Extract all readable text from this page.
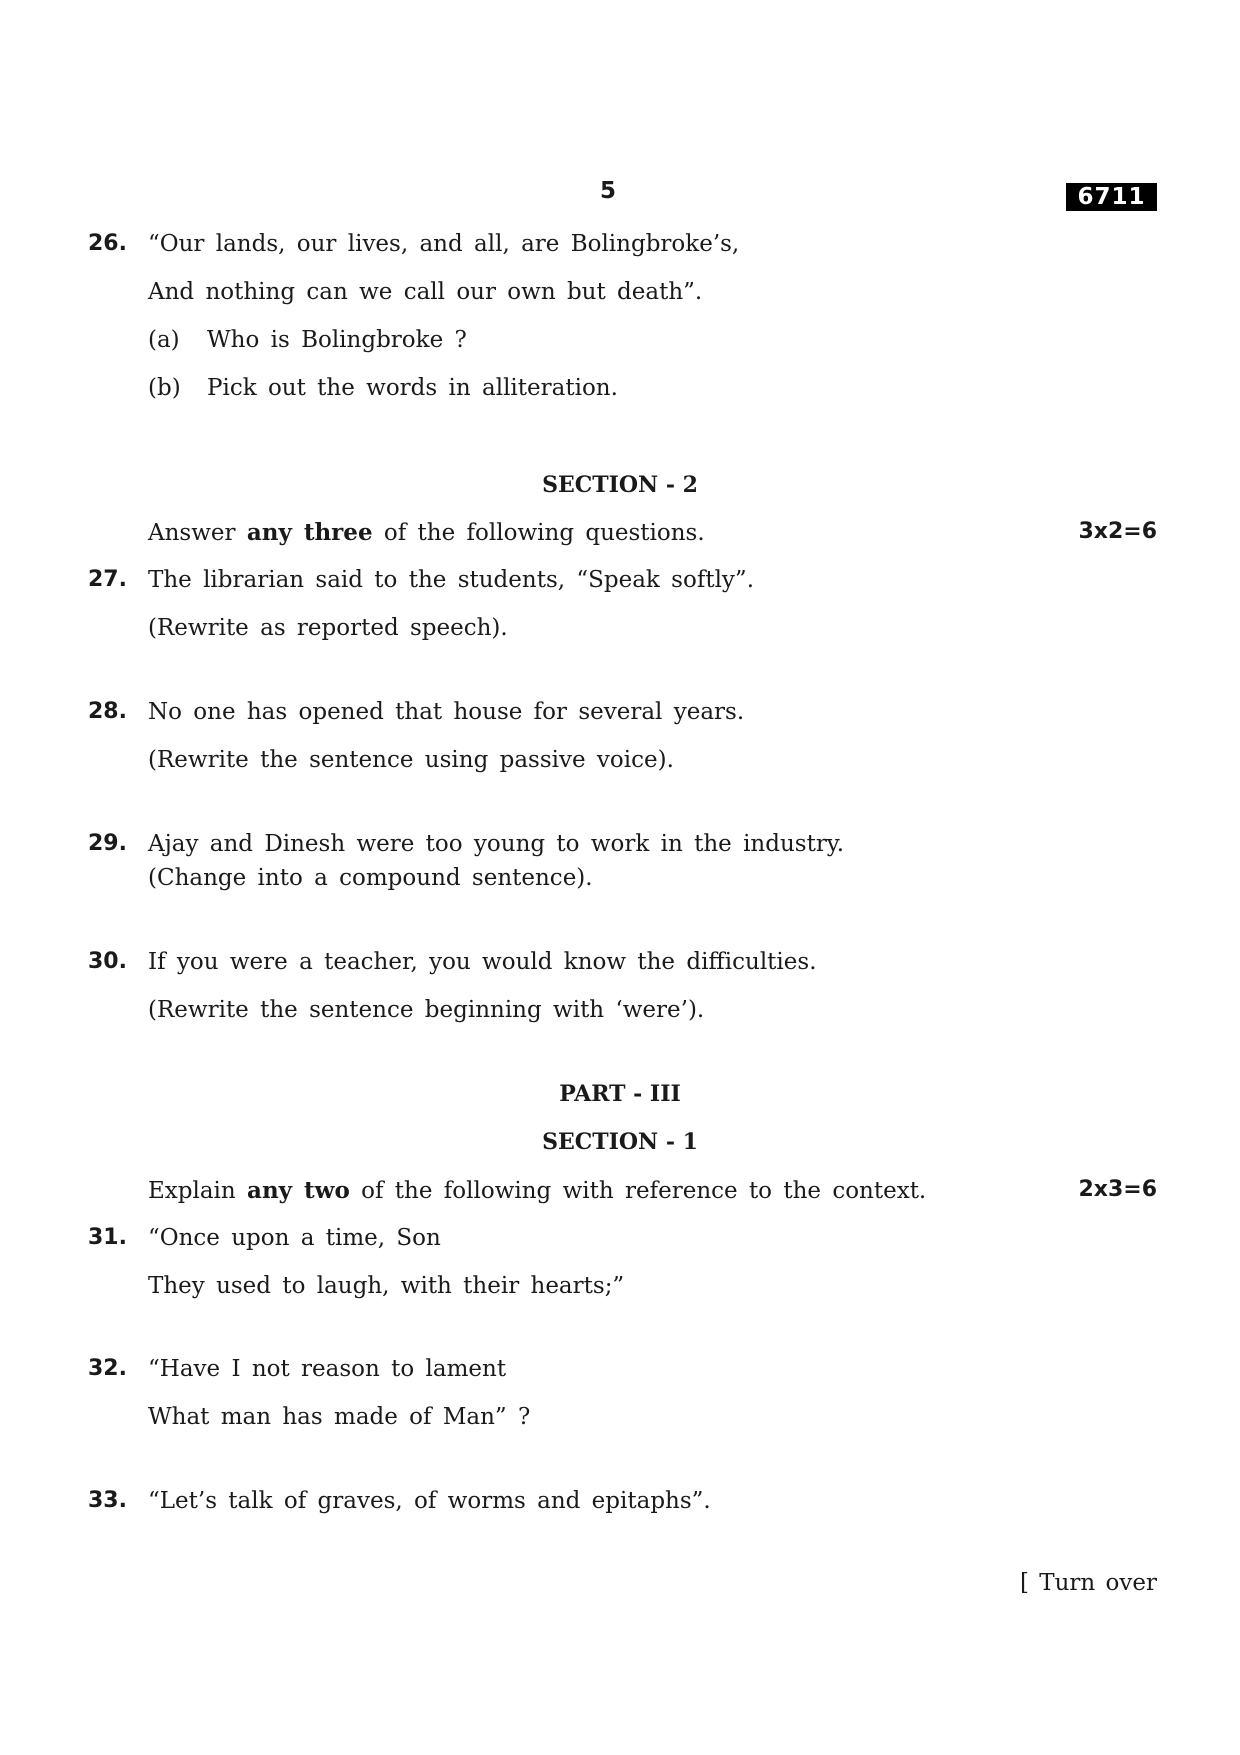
5	6711
26. “Our lands, our lives, and all, are Bolingbroke’s,
And nothing can we call our own but death”.
(a) Who is Bolingbroke ?
(b) Pick out the words in alliteration.
SECTION - 2
Answer any three of the following questions.	3x2=6
27. The librarian said to the students, “Speak softly”.
(Rewrite as reported speech).
28. No one has opened that house for several years.
(Rewrite the sentence using passive voice).
29. Ajay and Dinesh were too young to work in the industry.
(Change into a compound sentence).
30. If you were a teacher, you would know the difficulties.
(Rewrite the sentence beginning with ‘were’).
PART - III
SECTION - 1
Explain any two of the following with reference to the context.	2x3=6
31. “Once upon a time, Son
They used to laugh, with their hearts;”
32. “Have I not reason to lament
What man has made of Man” ?
33. “Let’s talk of graves, of worms and epitaphs”.
[ Turn over
